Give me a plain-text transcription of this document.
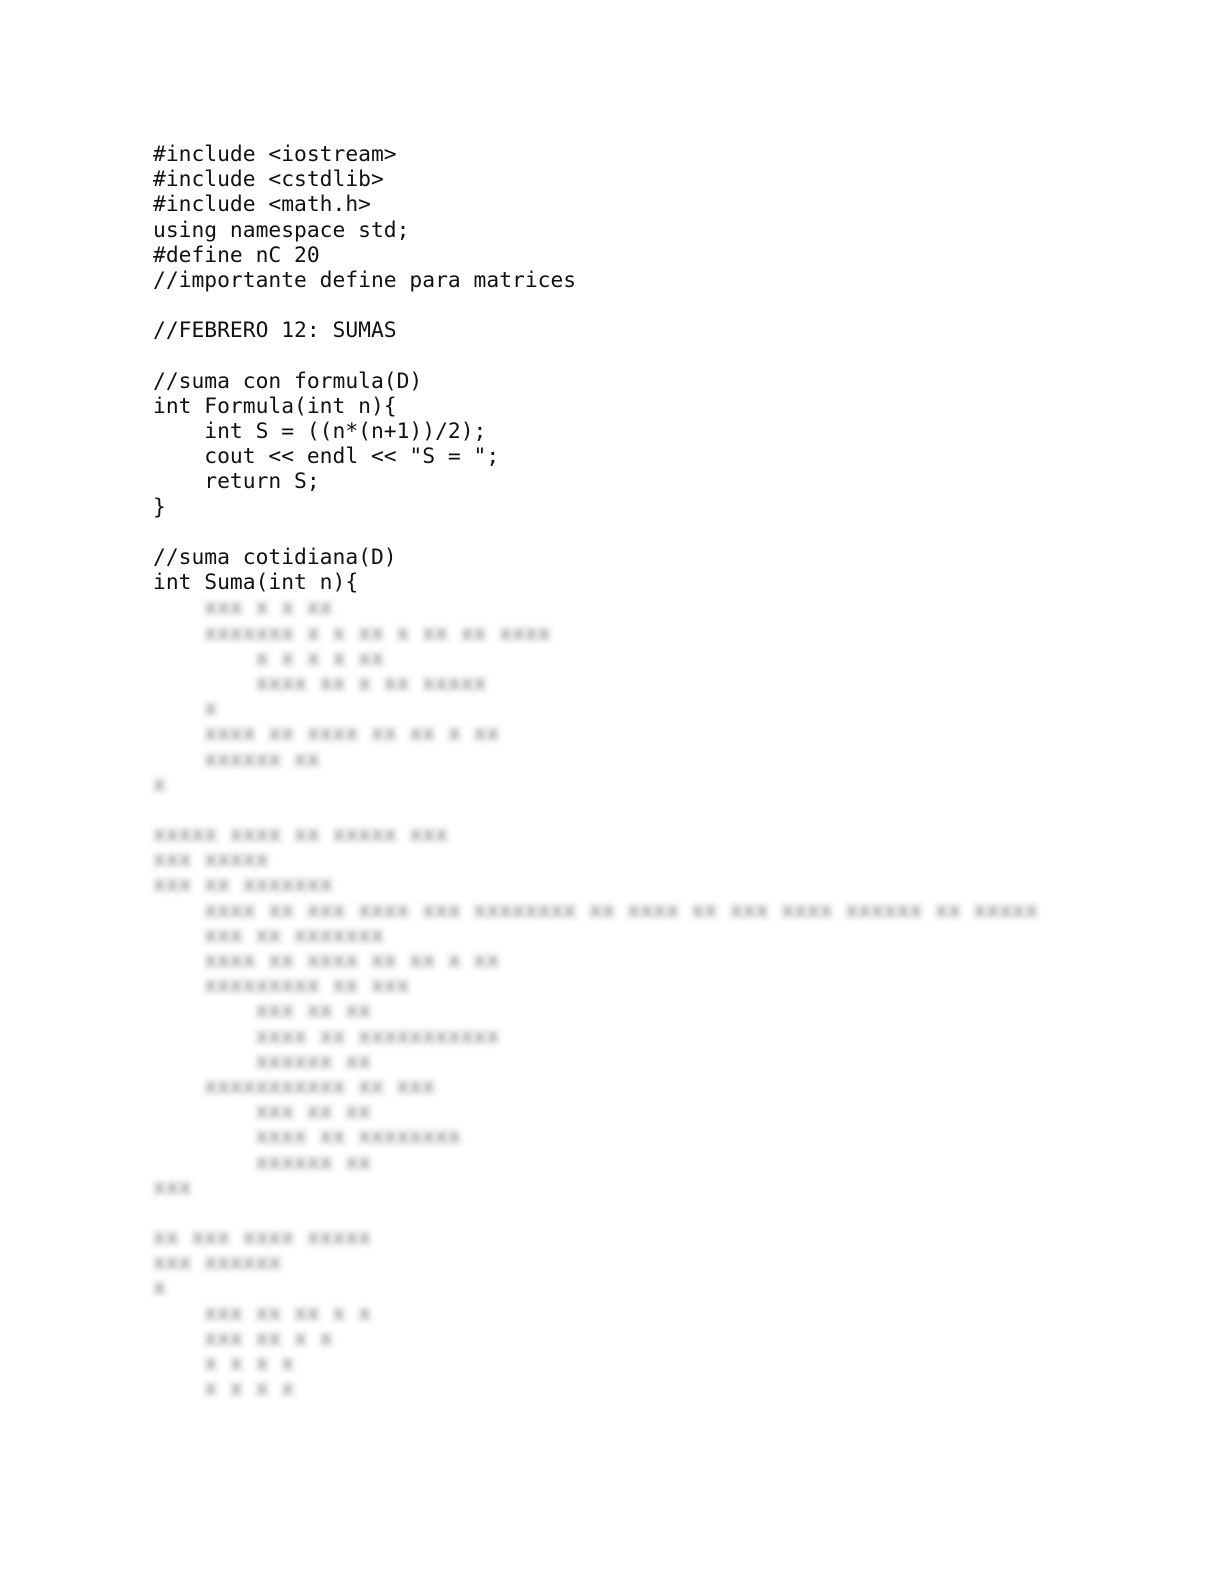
#include <iostream>
#include <cstdlib>
#include <math.h>
using namespace std;
#define nC 20
//importante define para matrices
//FEBRERO 12: SUMAS
//suma con formula(D)
int Formula(int n){
int S = ((n*(n+1))/2);
cout << endl << "S = ";
return S;
}
//suma cotidiana(D)
int Suma(int n){
xxx x x xx
xxxxxxx x x xx x xx xx xxxx
x x x x xx
xxxx xx x xx xxxxx
x
xxxx xx xxxx xx xx x xx
xxxxxx xx
x

xxxxx xxxx xx xxxxx xxx
xxx xxxxx
xxx xx xxxxxxx
xxxx xx xxx xxxx xxx xxxxxxxx xx xxxx xx xxx xxxx xxxxxx xx xxxxx
xxx xx xxxxxxx
xxxx xx xxxx xx xx x xx
xxxxxxxxx xx xxx
xxx xx xx
xxxx xx xxxxxxxxxxx
xxxxxx xx
xxxxxxxxxxx xx xxx
xxx xx xx
xxxx xx xxxxxxxx
xxxxxx xx
xxx

xx xxx xxxx xxxxx
xxx xxxxxx
x
xxx xx xx x x
xxx xx x x
x x x x
x x x x
